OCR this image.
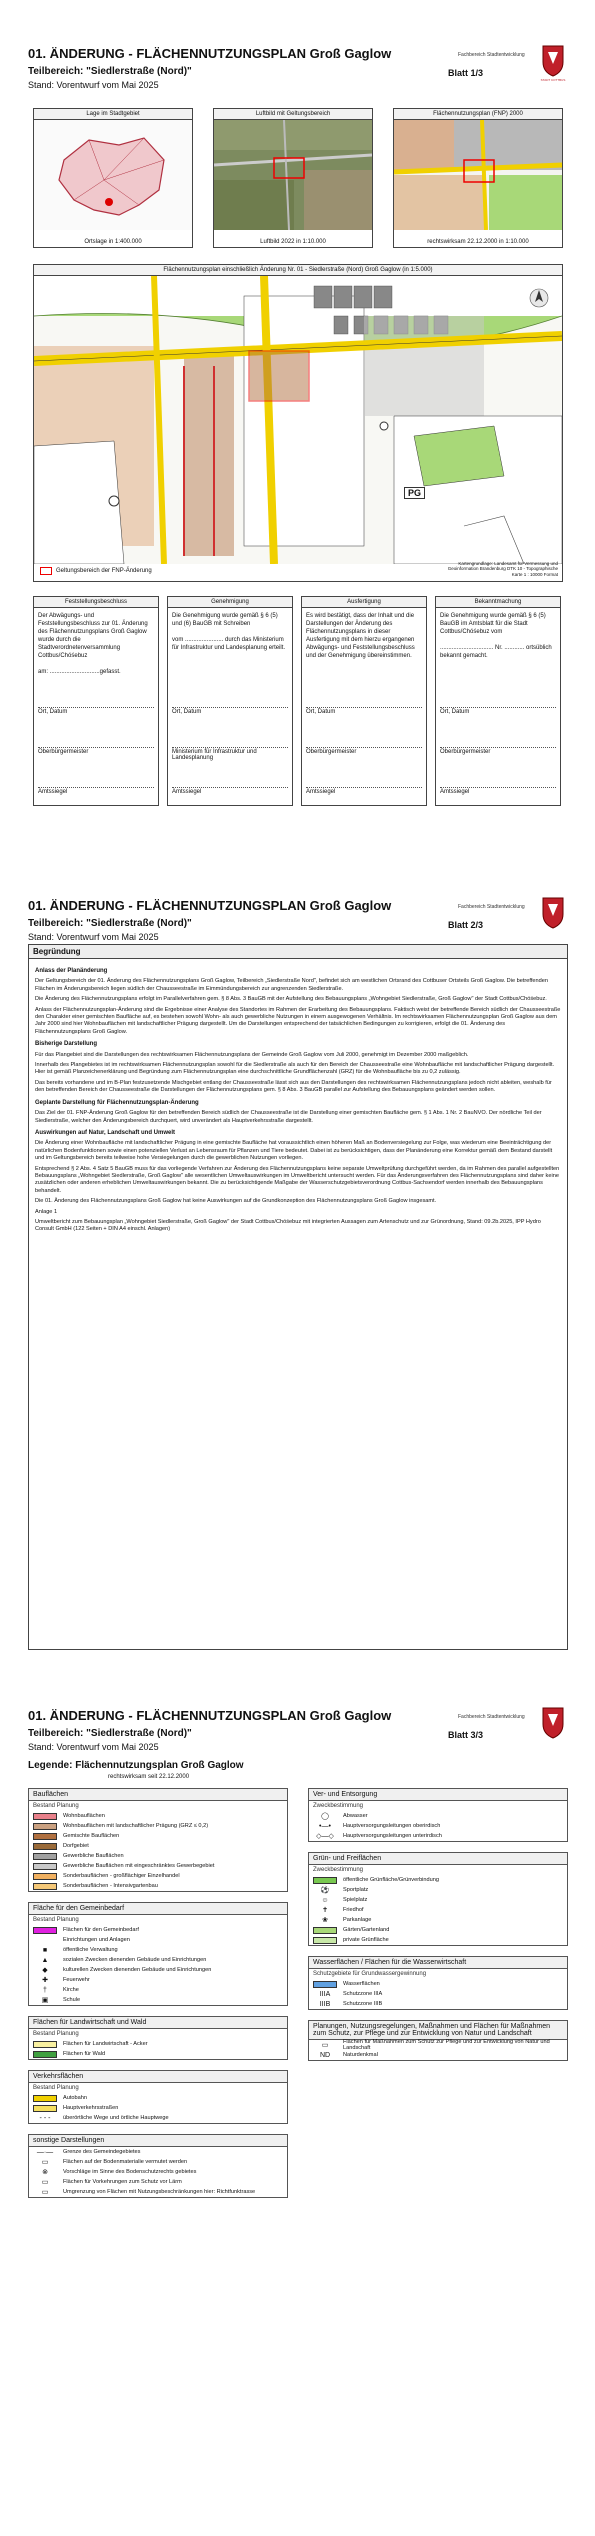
01. ÄNDERUNG - FLÄCHENNUTZUNGSPLAN Groß Gaglow	Fachbereich Stadtentwicklung
STADT COTTBUS
Teilbereich: "Siedlerstraße (Nord)"
Stand: Vorentwurf vom Mai 2025
Blatt 1/3
Lage im Stadtgebiet
Ortslage in 1:400.000
Luftbild mit Geltungsbereich
Luftbild 2022 in 1:10.000
Flächennutzungsplan (FNP) 2000
rechtswirksam 22.12.2000 in 1:10.000
Flächennutzungsplan einschließlich Änderung Nr. 01 - Siedlerstraße (Nord) Groß Gaglow (in 1:5.000)
PG
Geltungsbereich der FNP-Änderung
Kartengrundlage: Landesamt für Vermessung und Geoinformation Brandenburg DTK 10 - Topographische Karte 1 : 10000 Format
Feststellungsbeschluss
Der Abwägungs- und Feststellungsbeschluss zur 01. Änderung des Flächennutzungsplans Groß Gaglow wurde durch die Stadtverordnetenversammlung Cottbus/Chóśebuz
am: ..............................gefasst.
Ort, Datum
Oberbürgermeister
Amtssiegel
Genehmigung
Die Genehmigung wurde gemäß § 6 (5) und (6) BauGB mit Schreiben
vom ....................... durch das Ministerium für Infrastruktur und Landesplanung erteilt.
Ort, Datum
Ministerium für Infrastruktur und Landesplanung
Amtssiegel
Ausfertigung
Es wird bestätigt, dass der Inhalt und die Darstellungen der Änderung des Flächennutzungsplans in dieser Ausfertigung mit dem hierzu ergangenen Abwägungs- und Feststellungsbeschluss und der Genehmigung übereinstimmen.
Ort, Datum
Oberbürgermeister
Amtssiegel
Bekanntmachung
Die Genehmigung wurde gemäß § 6 (5) BauGB im Amtsblatt für die Stadt Cottbus/Chóśebuz vom
................................ Nr. ............ ortsüblich bekannt gemacht.
Ort, Datum
Oberbürgermeister
Amtssiegel
01. ÄNDERUNG - FLÄCHENNUTZUNGSPLAN Groß Gaglow	Fachbereich Stadtentwicklung
Teilbereich: "Siedlerstraße (Nord)"
Stand: Vorentwurf vom Mai 2025
Blatt 2/3
Begründung
Anlass der Planänderung

Der Geltungsbereich der 01. Änderung des Flächennutzungsplans Groß Gaglow, Teilbereich „Siedlerstraße Nord", befindet sich am westlichen Ortsrand des Cottbuser Ortsteils Groß Gaglow. Die betreffenden Flächen im Änderungsbereich liegen südlich der Chausseestraße im Eimmündungsbereich zur angrenzenden Siedlerstraße.

Die Änderung des Flächennutzungsplans erfolgt im Parallelverfahren gem. § 8 Abs. 3 BauGB mit der Aufstellung des Bebauungsplans „Wohngebiet Siedlerstraße, Groß Gaglow" der Stadt Cottbus/Chóśebuz.

Anlass der Flächennutzungsplan-Änderung sind die Ergebnisse einer Analyse des Standortes im Rahmen der Erarbeitung des Bebauungsplans. Faktisch weist der betreffende Bereich südlich der Chausseestraße den Charakter einer gemischten Baufläche auf, es bestehen sowohl Wohn- als auch gewerbliche Nutzungen in einem ausgewogenen Verhältnis. Im rechtswirksamen Flächennutzungsplan Groß Gaglow aus dem Jahr 2000 sind hier Wohnbauflächen mit landschaftlicher Prägung dargestellt. Um die Darstellungen entsprechend der tatsächlichen Bedingungen zu korrigieren, erfolgt die 01. Änderung des Flächennutzungsplans Groß Gaglow.

Bisherige Darstellung

Für das Plangebiet sind die Darstellungen des rechtswirksamen Flächennutzungsplans der Gemeinde Groß Gaglow vom Juli 2000, genehmigt im Dezember 2000 maßgeblich.

Innerhalb des Plangebietes ist im rechtswirksamen Flächennutzungsplan sowohl für die Siedlerstraße als auch für den Bereich der Chausseestraße eine Wohnbaufläche mit landschaftlicher Prägung dargestellt. Hier ist gemäß Planzeichenerklärung und Begründung zum Flächennutzungsplan eine durchschnittliche Grundflächenzahl (GRZ) für die Wohnbaufläche bis zu 0,2 zulässig.

Das bereits vorhandene und im B-Plan festzusetzende Mischgebiet entlang der Chausseestraße lässt sich aus den Darstellungen des rechtswirksamen Flächennutzungsplans jedoch nicht ableiten, weshalb für den betreffenden Bereich der Chausseestraße die Darstellungen der Flächennutzungsplans gem. § 8 Abs. 3 BauGB parallel zur Aufstellung des Bebauungsplans geändert werden sollen.

Geplante Darstellung für Flächennutzungsplan-Änderung

Das Ziel der 01. FNP-Änderung Groß Gaglow für den betreffenden Bereich südlich der Chausseestraße ist die Darstellung einer gemischten Baufläche gem. § 1 Abs. 1 Nr. 2 BauNVO. Der nördliche Teil der Siedlerstraße, welcher den Änderungsbereich durchquert, wird unverändert als Hauptverkehrsstraße dargestellt.

Auswirkungen auf Natur, Landschaft und Umwelt

Die Änderung einer Wohnbaufläche mit landschaftlicher Prägung in eine gemischte Baufläche hat voraussichtlich einen höheren Maß an Bodenversiegelung zur Folge, was wiederum eine Beeinträchtigung der natürlichen Bodenfunktionen sowie einen potenziellen Verlust an Lebensraum für Pflanzen und Tiere bedeutet. Dabei ist zu berücksichtigen, dass der Planänderung eine Korrektur gemäß dem Bestand darstellt und im Geltungsbereich bereits teilweise hohe Versiegelungen durch die gewerblichen Nutzungen vorliegen.

Entsprechend § 2 Abs. 4 Satz 5 BauGB muss für das vorliegende Verfahren zur Änderung des Flächennutzungsplans keine separate Umweltprüfung durchgeführt werden, da im Rahmen des parallel aufgestellten Bebauungsplans „Wohngebiet Siedlerstraße, Groß Gaglow" alle wesentlichen Umweltauswirkungen im Umweltbericht untersucht werden. Für das Änderungsverfahren des Flächennutzungsplans sind daher keine zusätzlichen oder anderen erheblichen Umweltauswirkungen bekannt. Die zu berücksichtigende Maßgabe der Wasserschutzgebietsverordnung Cottbus-Sachsendorf werden innerhalb des Bebauungsplans behandelt.

Die 01. Änderung des Flächennutzungsplans Groß Gaglow hat keine Auswirkungen auf die Grundkonzeption des Flächennutzungsplans Groß Gaglow insgesamt.

Anlage 1

Umweltbericht zum Bebauungsplan „Wohngebiet Siedlerstraße, Groß Gaglow" der Stadt Cottbus/Chóśebuz mit integrierten Aussagen zum Artenschutz und zur Grünordnung, Stand: 09.2b.2025, IPP Hydro Consult GmbH (122 Seiten + DIN A4 einschl. Anlagen)

01. ÄNDERUNG - FLÄCHENNUTZUNGSPLAN Groß Gaglow	Fachbereich Stadtentwicklung
Teilbereich: "Siedlerstraße (Nord)"
Stand: Vorentwurf vom Mai 2025
Blatt 3/3
Legende: Flächennutzungsplan Groß Gaglow
rechtswirksam seit 22.12.2000
Bauflächen
Bestand Planung
Wohnbauflächen
Wohnbauflächen mit landschaftlicher Prägung (GRZ ≤ 0,2)
Gemischte Bauflächen
Dorfgebiet
Gewerbliche Bauflächen
Gewerbliche Bauflächen mit eingeschränktes Gewerbegebiet
Sonderbauflächen - großflächiger Einzelhandel
Sonderbauflächen - Intensivgartenbau
Fläche für den Gemeinbedarf
Bestand Planung
Flächen für den Gemeinbedarf
Einrichtungen und Anlagen
■	öffentliche Verwaltung
▲	sozialen Zwecken dienenden Gebäude und Einrichtungen
◆	kulturellen Zwecken dienenden Gebäude und Einrichtungen
✚	Feuerwehr
†	Kirche
▣	Schule
Flächen für Landwirtschaft und Wald
Bestand Planung
Flächen für Landwirtschaft - Acker
Flächen für Wald
Verkehrsflächen
Bestand Planung
Autobahn
Hauptverkehrsstraßen
- - -	überörtliche Wege und örtliche Hauptwege
sonstige Darstellungen
—·—	Grenze des Gemeindegebietes
▭	Flächen auf der Bodenmaterialie vermutet werden
⊗	Vorschläge im Sinne des Bodenschutzrechts gebietes
▭	Flächen für Vorkehrungen zum Schutz vor Lärm
▭	Umgrenzung von Flächen mit Nutzungsbeschränkungen hier: Richtfunktrasse
Ver- und Entsorgung
Zweckbestimmung
◯	Abwasser
•—•	Hauptversorgungsleitungen oberirdisch
◇—◇	Hauptversorgungsleitungen unterirdisch
Grün- und Freiflächen
Zweckbestimmung
öffentliche Grünfläche/Grünverbindung
⚽	Sportplatz
☺	Spielplatz
✝	Friedhof
❀	Parkanlage
Gärten/Gartenland
private Grünfläche
Wasserflächen / Flächen für die Wasserwirtschaft
Schutzgebiete für Grundwassergewinnung
Wasserflächen
IIIA	Schutzzone IIIA
IIIB	Schutzzone IIIB
Planungen, Nutzungsregelungen, Maßnahmen und Flächen für Maßnahmen zum Schutz, zur Pflege und zur Entwicklung von Natur und Landschaft
▭	Flächen für Maßnahmen zum Schutz zur Pflege und zur Entwicklung von Natur und Landschaft
ND	Naturdenkmal
